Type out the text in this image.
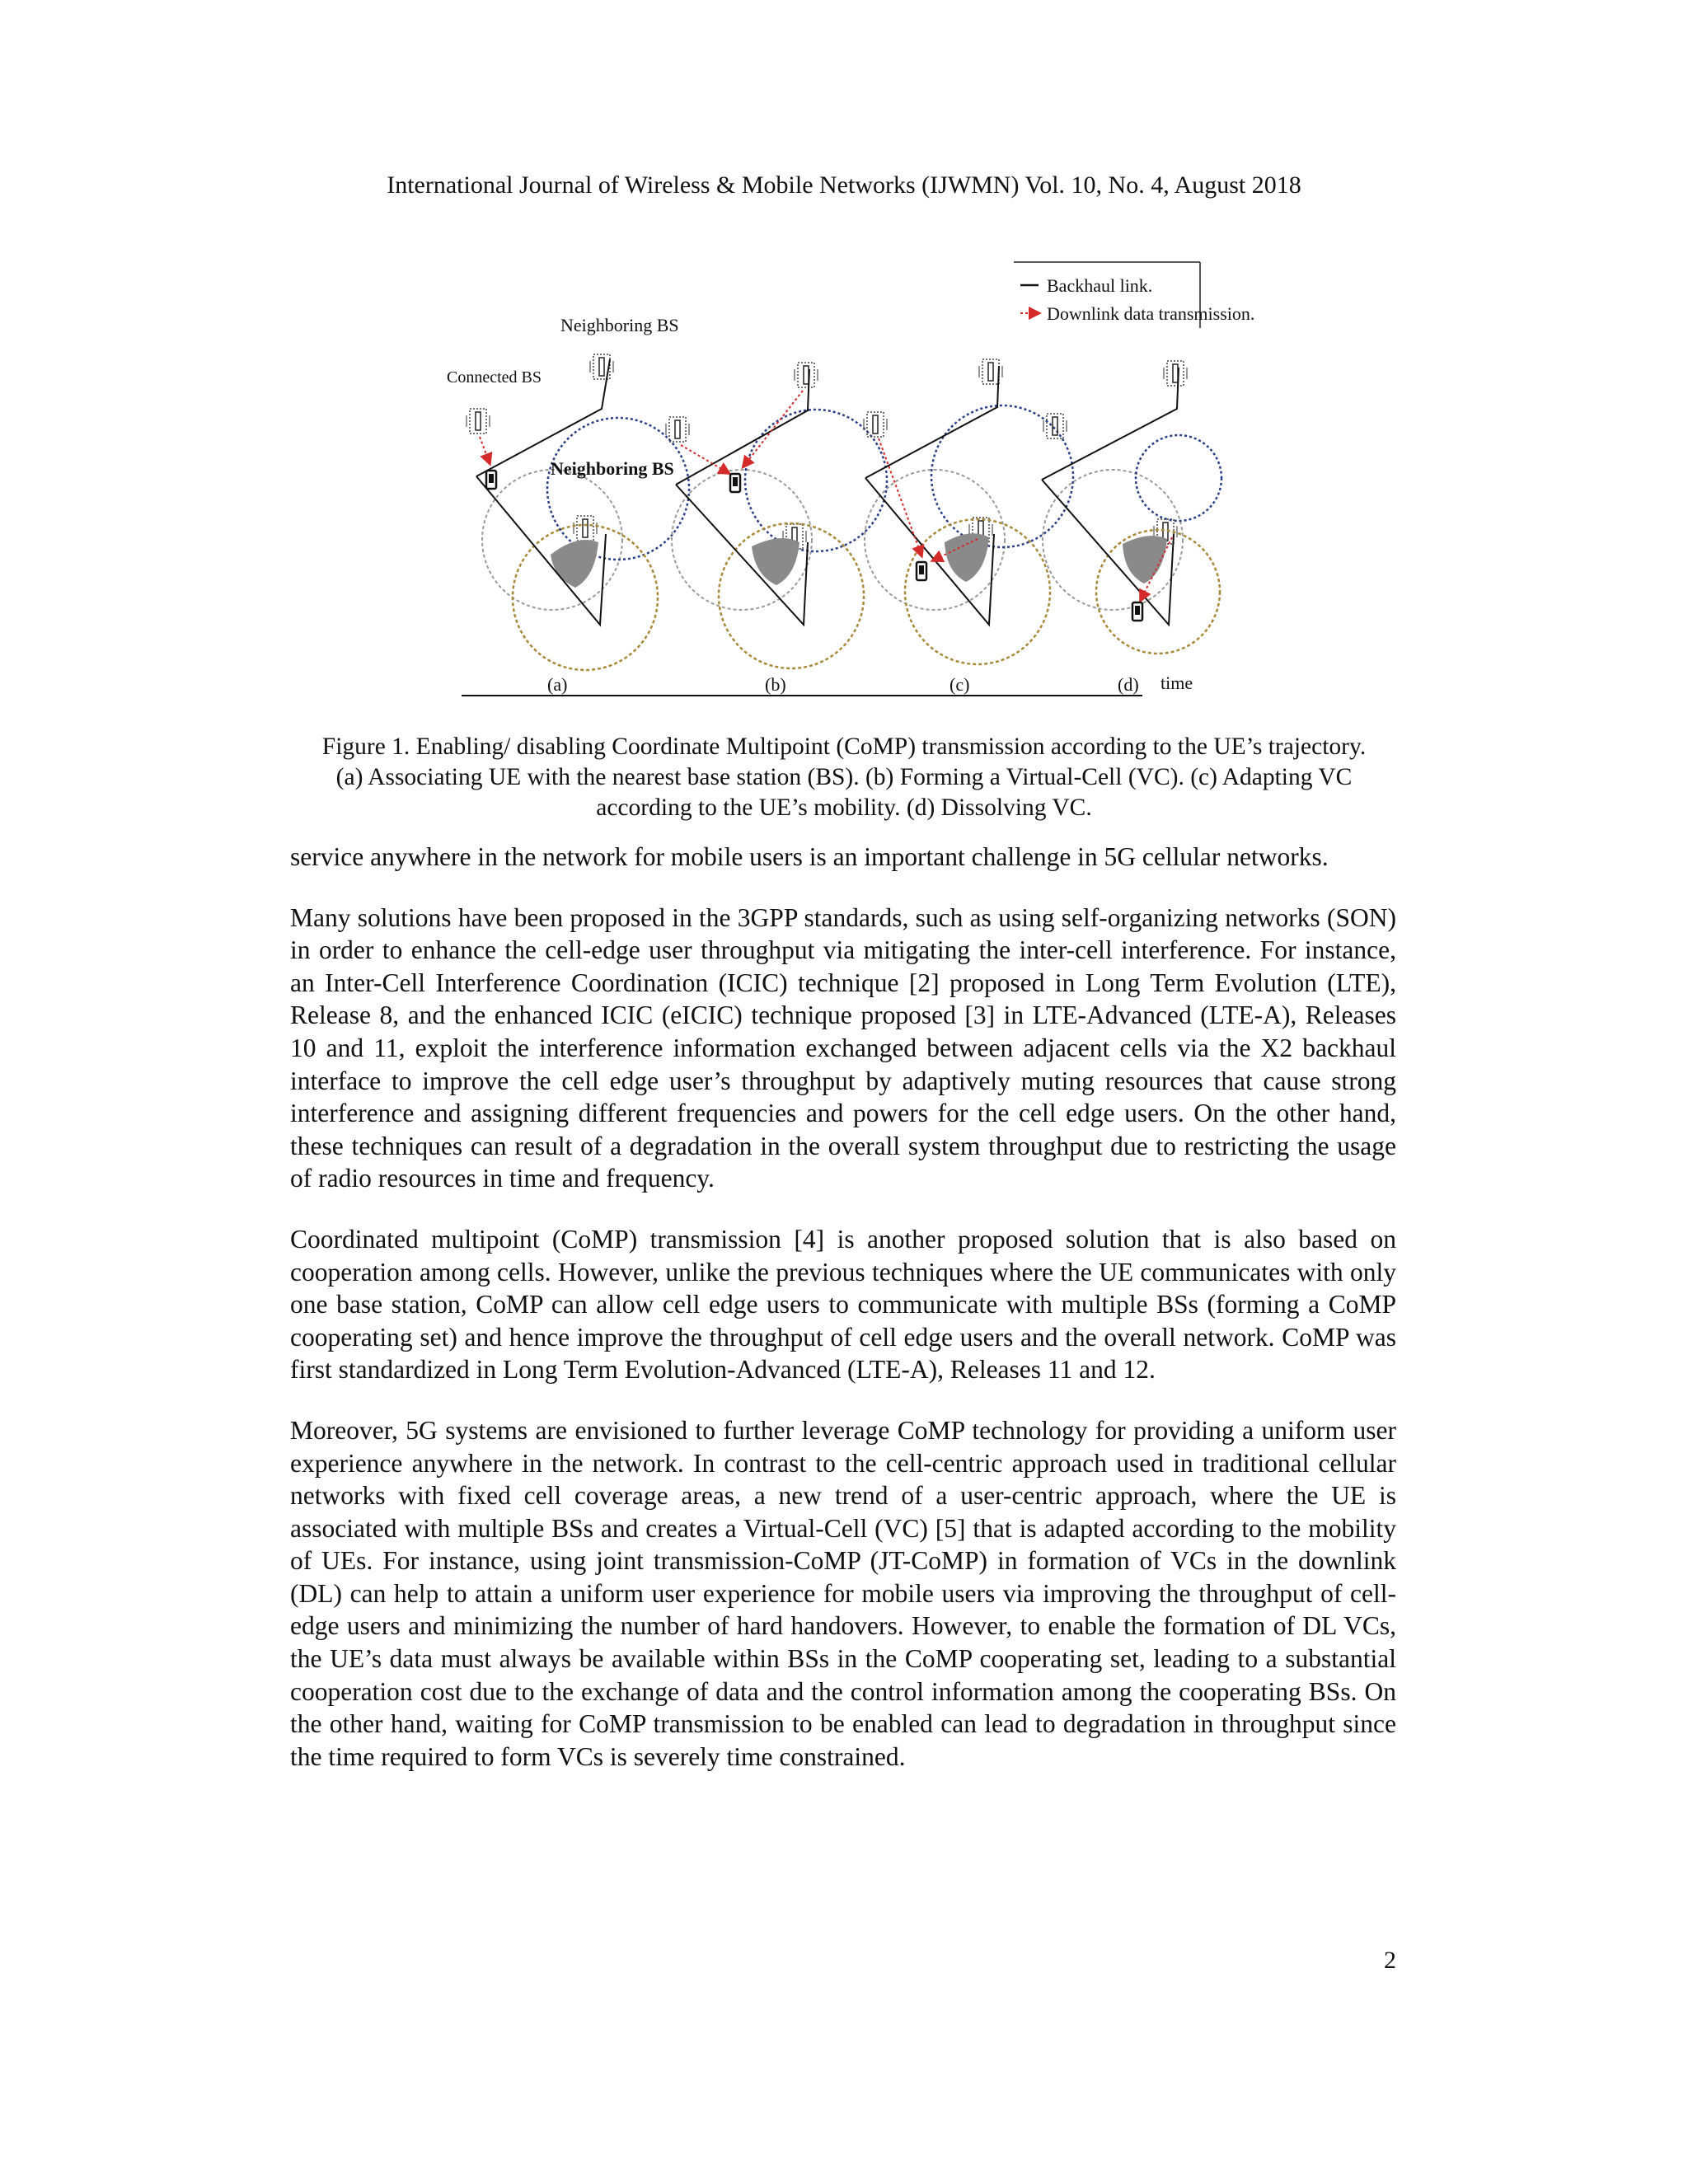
International Journal of Wireless & Mobile Networks (IJWMN) Vol. 10, No. 4, August 2018
Backhaul link.
Downlink data transmission.
Neighboring BS
Connected BS
Neighboring BS
(a)	(b)	(c)	(d) time
Figure 1. Enabling/ disabling Coordinate Multipoint (CoMP) transmission according to the UE’s trajectory.
(a) Associating UE with the nearest base station (BS). (b) Forming a Virtual-Cell (VC). (c) Adapting VC
according to the UE’s mobility. (d) Dissolving VC.

service anywhere in the network for mobile users is an important challenge in 5G cellular networks.

Many solutions have been proposed in the 3GPP standards, such as using self-organizing networks (SON) in order to enhance the cell-edge user throughput via mitigating the inter-cell interference. For instance, an Inter-Cell Interference Coordination (ICIC) technique [2] proposed in Long Term Evolution (LTE), Release 8, and the enhanced ICIC (eICIC) technique proposed [3] in LTE-Advanced (LTE-A), Releases 10 and 11, exploit the interference information exchanged between adjacent cells via the X2 backhaul interface to improve the cell edge user’s throughput by adaptively muting resources that cause strong interference and assigning different frequencies and powers for the cell edge users. On the other hand, these techniques can result of a degradation in the overall system throughput due to restricting the usage of radio resources in time and frequency.

Coordinated multipoint (CoMP) transmission [4] is another proposed solution that is also based on cooperation among cells. However, unlike the previous techniques where the UE communicates with only one base station, CoMP can allow cell edge users to communicate with multiple BSs (forming a CoMP cooperating set) and hence improve the throughput of cell edge users and the overall network. CoMP was first standardized in Long Term Evolution-Advanced (LTE-A), Releases 11 and 12.

Moreover, 5G systems are envisioned to further leverage CoMP technology for providing a uniform user experience anywhere in the network. In contrast to the cell-centric approach used in traditional cellular networks with fixed cell coverage areas, a new trend of a user-centric approach, where the UE is associated with multiple BSs and creates a Virtual-Cell (VC) [5] that is adapted according to the mobility of UEs. For instance, using joint transmission-CoMP (JT-CoMP) in formation of VCs in the downlink (DL) can help to attain a uniform user experience for mobile users via improving the throughput of cell-edge users and minimizing the number of hard handovers. However, to enable the formation of DL VCs, the UE’s data must always be available within BSs in the CoMP cooperating set, leading to a substantial cooperation cost due to the exchange of data and the control information among the cooperating BSs. On the other hand, waiting for CoMP transmission to be enabled can lead to degradation in throughput since the time required to form VCs is severely time constrained.

2
